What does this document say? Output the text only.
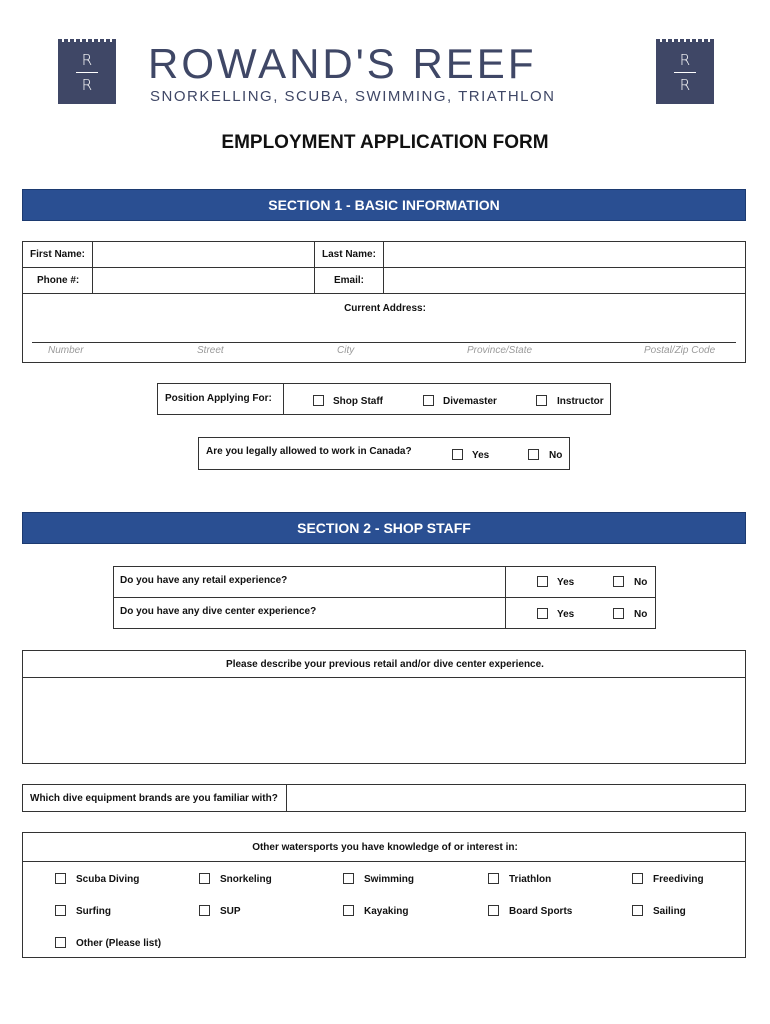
R
R	ROWAND'S REEF
SNORKELLING, SCUBA, SWIMMING, TRIATHLON
R
R
EMPLOYMENT APPLICATION FORM
SECTION 1 - BASIC INFORMATION
First Name:	Last Name:
Phone #:	Email:
Current Address:
Number	Street	City	Province/State	Postal/Zip Code
Position Applying For:	Shop Staff	Divemaster	Instructor
Are you legally allowed to work in Canada?	Yes	No
SECTION 2 - SHOP STAFF
Do you have any retail experience?	Yes	No
Do you have any dive center experience?	Yes	No
Please describe your previous retail and/or dive center experience.
Which dive equipment brands are you familiar with?
Other watersports you have knowledge of or interest in:
Scuba Diving	Snorkeling	Swimming	Triathlon	Freediving
Surfing	SUP	Kayaking	Board Sports	Sailing
Other (Please list)
